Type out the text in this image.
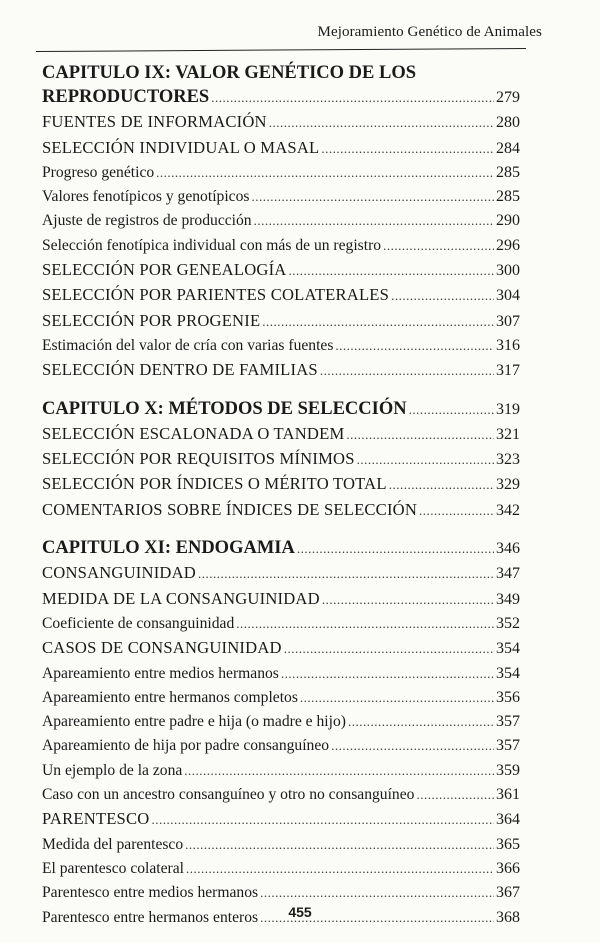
Mejoramiento Genético de Animales
CAPITULO IX: VALOR GENÉTICO DE LOS
REPRODUCTORES .....	279
FUENTES DE INFORMACIÓN .....	280
SELECCIÓN INDIVIDUAL O MASAL .....	284
Progreso genético .....	285
Valores fenotípicos y genotípicos .....	285
Ajuste de registros de producción .....	290
Selección fenotípica individual con más de un registro .....	296
SELECCIÓN POR GENEALOGÍA .....	300
SELECCIÓN POR PARIENTES COLATERALES .....	304
SELECCIÓN POR PROGENIE .....	307
Estimación del valor de cría con varias fuentes .....	316
SELECCIÓN DENTRO DE FAMILIAS .....	317
CAPITULO X: MÉTODOS DE SELECCIÓN .....	319
SELECCIÓN ESCALONADA O TANDEM .....	321
SELECCIÓN POR REQUISITOS MÍNIMOS .....	323
SELECCIÓN POR ÍNDICES O MÉRITO TOTAL .....	329
COMENTARIOS SOBRE ÍNDICES DE SELECCIÓN .....	342
CAPITULO XI: ENDOGAMIA .....	346
CONSANGUINIDAD .....	347
MEDIDA DE LA CONSANGUINIDAD .....	349
Coeficiente de consanguinidad .....	352
CASOS DE CONSANGUINIDAD .....	354
Apareamiento entre medios hermanos .....	354
Apareamiento entre hermanos completos .....	356
Apareamiento entre padre e hija (o madre e hijo) .....	357
Apareamiento de hija por padre consanguíneo .....	357
Un ejemplo de la zona .....	359
Caso con un ancestro consanguíneo y otro no consanguíneo .....	361
PARENTESCO .....	364
Medida del parentesco .....	365
El parentesco colateral .....	366
Parentesco entre medios hermanos .....	367
Parentesco entre hermanos enteros .....	368
455
